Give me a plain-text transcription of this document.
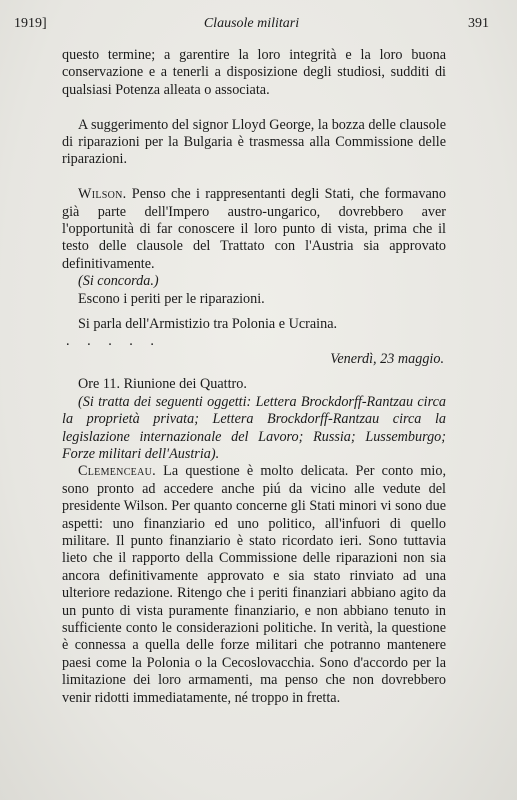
1919]	Clausole militari	391

questo termine; a garentire la loro integrità e la loro buona conservazione e a tenerli a disposizione degli studiosi, sudditi di qualsiasi Potenza alleata o associata.

A suggerimento del signor Lloyd George, la bozza delle clausole di riparazioni per la Bulgaria è trasmessa alla Commissione delle riparazioni.

Wilson. Penso che i rappresentanti degli Stati, che formavano già parte dell'Impero austro-ungarico, dovrebbero aver l'opportunità di far conoscere il loro punto di vista, prima che il testo delle clausole del Trattato con l'Austria sia approvato definitivamente.

(Si concorda.)

Escono i periti per le riparazioni.

Si parla dell'Armistizio tra Polonia e Ucraina.

. . . . .

Venerdì, 23 maggio.

Ore 11. Riunione dei Quattro.

(Si tratta dei seguenti oggetti: Lettera Brockdorff-Rantzau circa la proprietà privata; Lettera Brockdorff-Rantzau circa la legislazione internazionale del Lavoro; Russia; Lussemburgo; Forze militari dell'Austria).

Clemenceau. La questione è molto delicata. Per conto mio, sono pronto ad accedere anche piú da vicino alle vedute del presidente Wilson. Per quanto concerne gli Stati minori vi sono due aspetti: uno finanziario ed uno politico, all'infuori di quello militare. Il punto finanziario è stato ricordato ieri. Sono tuttavia lieto che il rapporto della Commissione delle riparazioni non sia ancora definitivamente approvato e sia stato rinviato ad una ulteriore redazione. Ritengo che i periti finanziari abbiano agito da un punto di vista puramente finanziario, e non abbiano tenuto in sufficiente conto le considerazioni politiche. In verità, la questione è connessa a quella delle forze militari che potranno mantenere paesi come la Polonia o la Cecoslovacchia. Sono d'accordo per la limitazione dei loro armamenti, ma penso che non dovrebbero venir ridotti immediatamente, né troppo in fretta.
